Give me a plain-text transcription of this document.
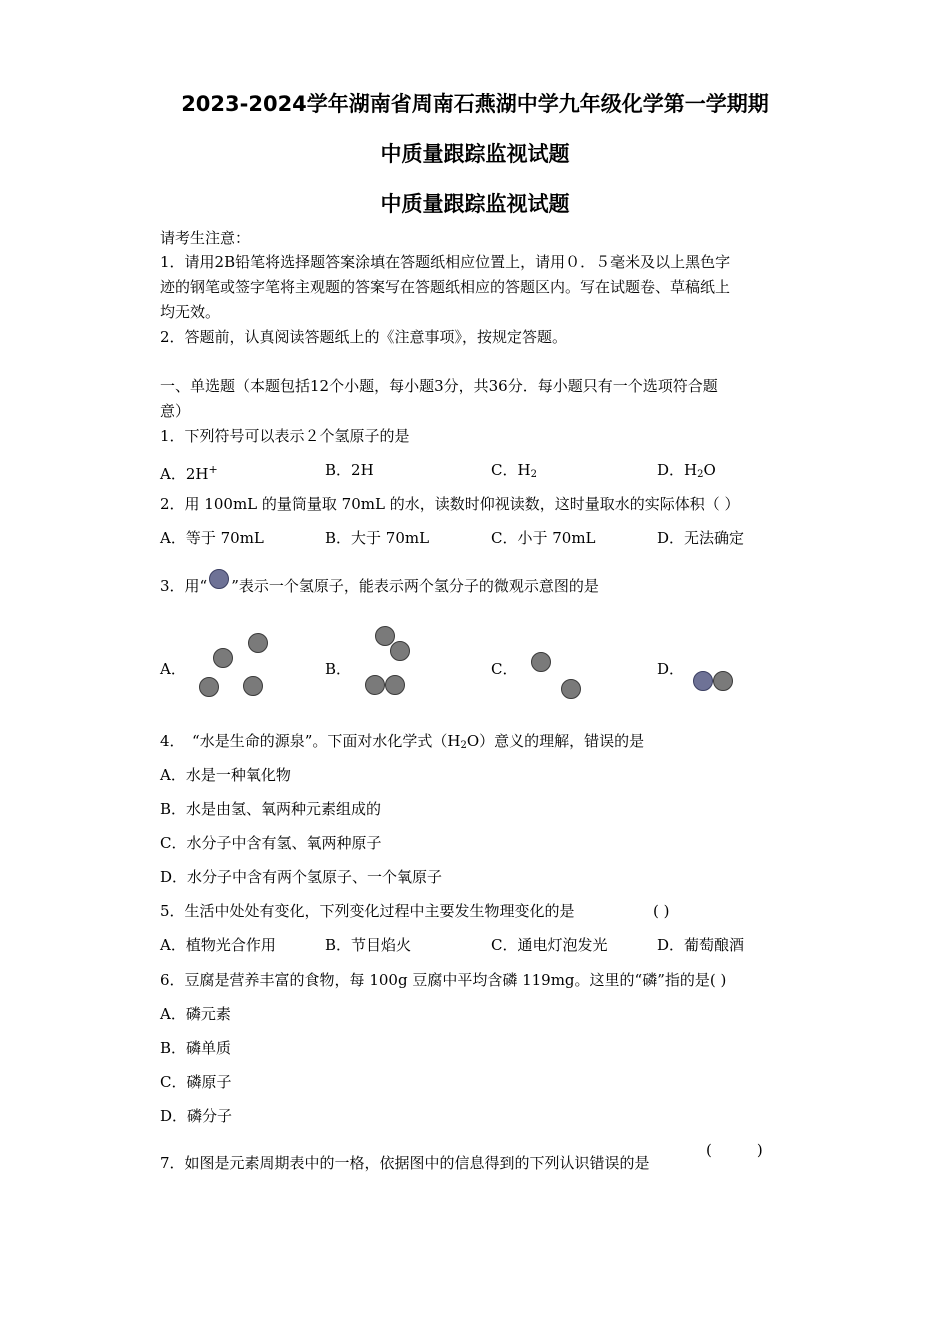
2023-2024学年湖南省周南石燕湖中学九年级化学第一学期期
中质量跟踪监视试题
中质量跟踪监视试题
请考生注意：
1．请用2B铅笔将选择题答案涂填在答题纸相应位置上，请用０．５毫米及以上黑色字
迹的钢笔或签字笔将主观题的答案写在答题纸相应的答题区内。写在试题卷、草稿纸上
均无效。
2．答题前，认真阅读答题纸上的《注意事项》，按规定答题。
一、单选题（本题包括12个小题，每小题3分，共36分．每小题只有一个选项符合题
意）
1．下列符号可以表示２个氢原子的是
A．2H+	B．2H	C．$H_2$	D．$H_2O$
2．用 100mL 的量筒量取 70mL 的水，读数时仰视读数，这时量取水的实际体积（ ）
A．等于 70mL	B．大于 70mL	C．小于 70mL	D．无法确定
3．用“ ”表示一个氢原子，能表示两个氢分子的微观示意图的是
A．	B．	C．	D．
4．　“水是生命的源泉”。下面对水化学式$(H_2O)$意义的理解，错误的是
A．水是一种氧化物
B．水是由氢、氧两种元素组成的
C．水分子中含有氢、氧两种原子
D．水分子中含有两个氢原子、一个氧原子
5．生活中处处有变化，下列变化过程中主要发生物理变化的是	( )
A．植物光合作用	B．节目焰火	C．通电灯泡发光	D．葡萄酿酒
6．豆腐是营养丰富的食物，每 100g 豆腐中平均含磷 119mg。这里的“磷”指的是( )
A．磷元素
B．磷单质
C．磷原子
D．磷分子
7．如图是元素周期表中的一格，依据图中的信息得到的下列认识错误的是
(　　　)
